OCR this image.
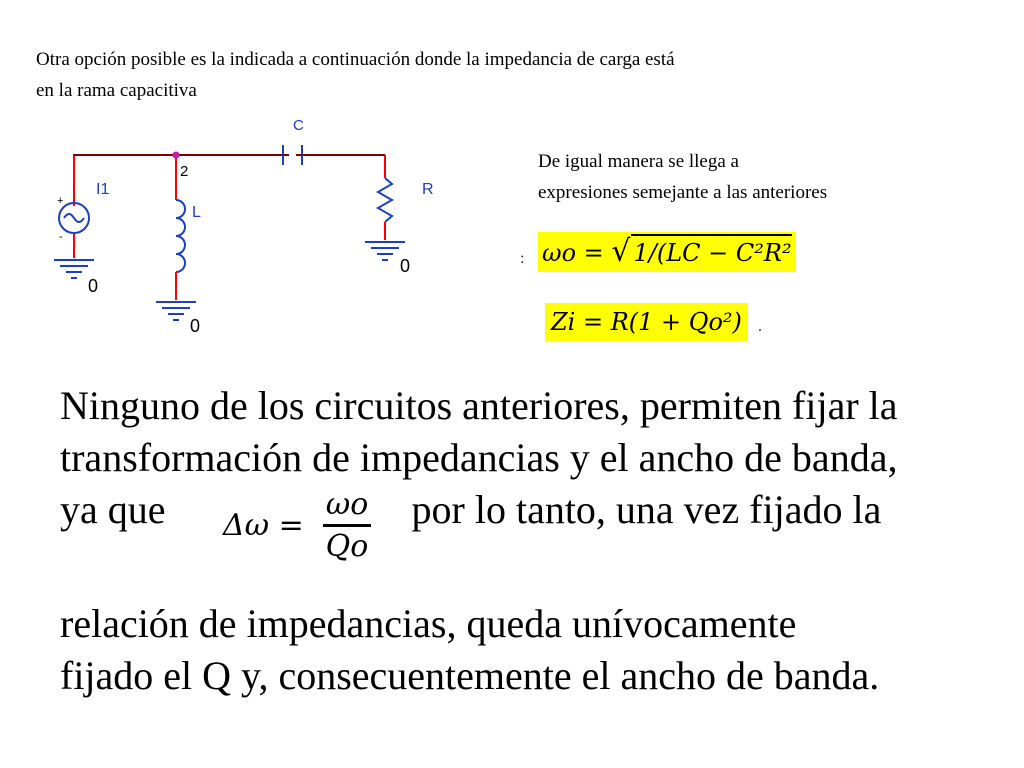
Otra opción posible es la indicada a continuación donde la impedancia de carga está
en la rama capacitiva
2
+
-
I1
0
L
0
C
R
0
De igual manera se llega a
expresiones semejante a las anteriores
: ωo = √ 1/(LC − C²R²
Zi = R(1 + Qo²)	.
Ninguno de los circuitos anteriores, permiten fijar la
transformación de impedancias y el ancho de banda,
ya que	por lo tanto, una vez fijado la
Δω =
ωo
Qo
relación de impedancias, queda unívocamente
fijado el Q y, consecuentemente el ancho de banda.
